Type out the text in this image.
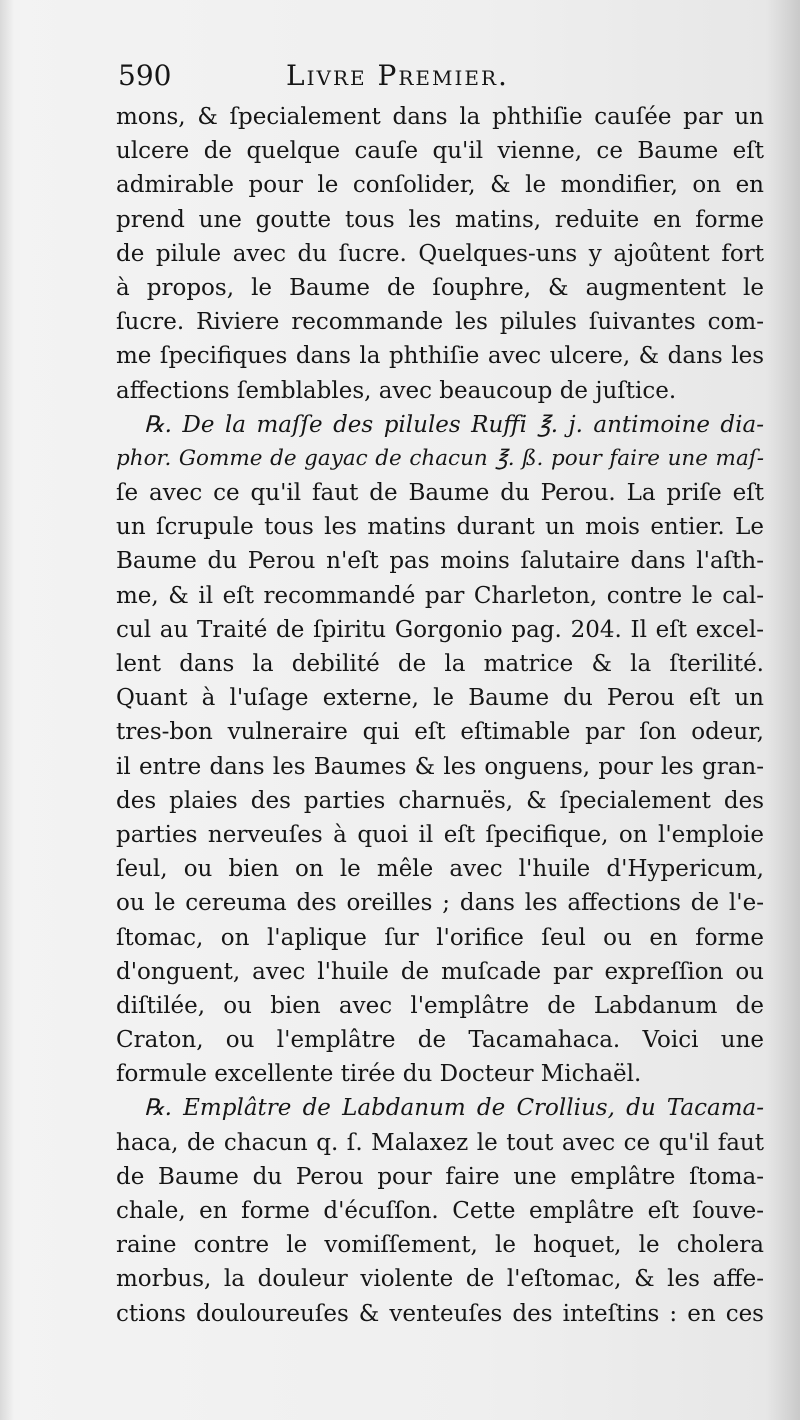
590	Livre Premier.
mons, & ſpecialement dans la phthiſie cauſée par un
ulcere de quelque cauſe qu'il vienne, ce Baume eſt
admirable pour le conſolider, & le mondifier, on en
prend une goutte tous les matins, reduite en forme
de pilule avec du ſucre. Quelques-uns y ajoûtent fort
à propos, le Baume de ſouphre, & augmentent le
ſucre. Riviere recommande les pilules ſuivantes com-
me ſpecifiques dans la phthiſie avec ulcere, & dans les
affections ſemblables, avec beaucoup de juſtice.
℞. De la maſſe des pilules Ruffi ℥. j. antimoine dia-
phor. Gomme de gayac de chacun ℥. ß. pour faire une maſ-
ſe avec ce qu'il faut de Baume du Perou. La priſe eſt
un ſcrupule tous les matins durant un mois entier. Le
Baume du Perou n'eſt pas moins ſalutaire dans l'aſth-
me, & il eſt recommandé par Charleton, contre le cal-
cul au Traité de ſpiritu Gorgonio pag. 204. Il eſt excel-
lent dans la debilité de la matrice & la ſterilité.
Quant à l'uſage externe, le Baume du Perou eſt un
tres-bon vulneraire qui eſt eſtimable par ſon odeur,
il entre dans les Baumes & les onguens, pour les gran-
des plaies des parties charnuës, & ſpecialement des
parties nerveuſes à quoi il eſt ſpecifique, on l'emploie
ſeul, ou bien on le mêle avec l'huile d'Hypericum,
ou le cereuma des oreilles ; dans les affections de l'e-
ſtomac, on l'aplique ſur l'orifice ſeul ou en forme
d'onguent, avec l'huile de muſcade par expreſſion ou
diſtilée, ou bien avec l'emplâtre de Labdanum de
Craton, ou l'emplâtre de Tacamahaca. Voici une
formule excellente tirée du Docteur Michaël.
℞. Emplâtre de Labdanum de Crollius, du Tacama-
haca, de chacun q. ſ. Malaxez le tout avec ce qu'il faut
de Baume du Perou pour faire une emplâtre ſtoma-
chale, en forme d'écuſſon. Cette emplâtre eſt ſouve-
raine contre le vomiſſement, le hoquet, le cholera
morbus, la douleur violente de l'eſtomac, & les affe-
ctions douloureuſes & venteuſes des inteſtins : en ces
